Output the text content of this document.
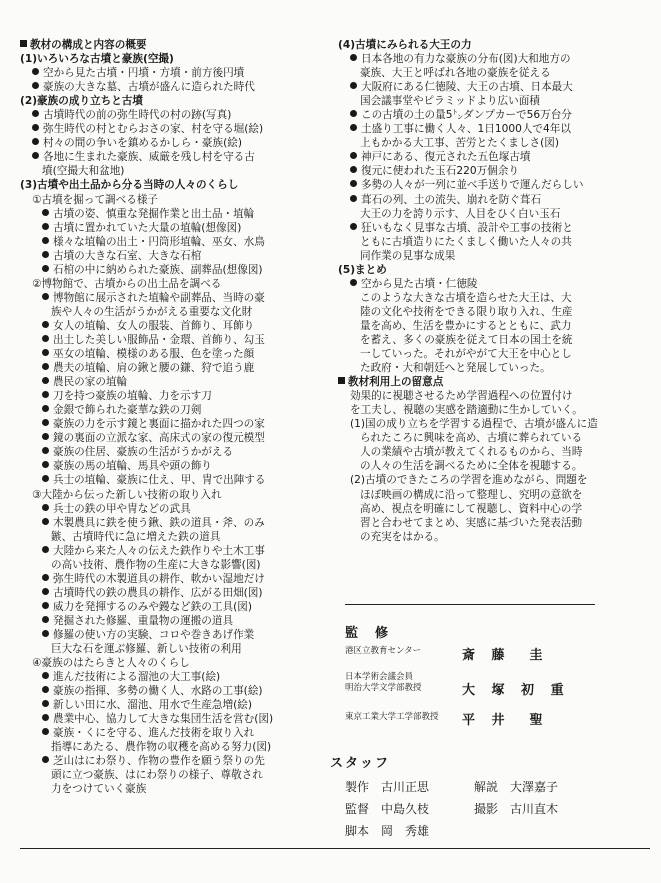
教材の構成と内容の概要
(1)いろいろな古墳と豪族(空撮)
空から見た古墳・円墳・方墳・前方後円墳
豪族の大きな墓、古墳が盛んに造られた時代
(2)豪族の成り立ちと古墳
古墳時代の前の弥生時代の村の跡(写真)
弥生時代の村とむらおさの家、村を守る堀(絵)
村々の間の争いを鎮めるかしら・豪族(絵)
各地に生まれた豪族、威厳を残し村を守る古
墳(空撮大和盆地)
(3)古墳や出土品から分る当時の人々のくらし
①古墳を掘って調べる様子
古墳の姿、慎重な発掘作業と出土品・埴輪
古墳に置かれていた大量の埴輪(想像図)
様々な埴輪の出土・円筒形埴輪、巫女、水鳥
古墳の大きな石室、大きな石棺
石棺の中に納められた豪族、副葬品(想像図)
②博物館で、古墳からの出土品を調べる
博物館に展示された埴輪や副葬品、当時の豪
族や人々の生活がうかがえる重要な文化財
女人の埴輪、女人の服装、首飾り、耳飾り
出土した美しい服飾品・金環、首飾り、勾玉
巫女の埴輪、模様のある服、色を塗った顔
農夫の埴輪、肩の鍬と腰の鎌、狩で追う鹿
農民の家の埴輪
刀を持つ豪族の埴輪、力を示す刀
金銀で飾られた豪華な鉄の刀剣
豪族の力を示す鏡と裏面に描かれた四つの家
鏡の裏面の立派な家、高床式の家の復元模型
豪族の住居、豪族の生活がうかがえる
豪族の馬の埴輪、馬具や頭の飾り
兵士の埴輪、豪族に仕え、甲、冑で出陣する
③大陸から伝った新しい技術の取り入れ
兵士の鉄の甲や冑などの武具
木製農具に鉄を使う鍬、鉄の道具・斧、のみ
鏃、古墳時代に急に増えた鉄の道具
大陸から来た人々の伝えた鉄作りや土木工事
の高い技術、農作物の生産に大きな影響(図)
弥生時代の木製道具の耕作、軟かい湿地だけ
古墳時代の鉄の農具の耕作、広がる田畑(図)
威力を発揮するのみや鏝など鉄の工具(図)
発掘された修羅、重量物の運搬の道具
修羅の使い方の実験、コロや巻きあげ作業
巨大な石を運ぶ修羅、新しい技術の利用
④豪族のはたらきと人々のくらし
進んだ技術による溜池の大工事(絵)
豪族の指揮、多勢の働く人、水路の工事(絵)
新しい田に水、溜池、用水で生産急増(絵)
農業中心、協力して大きな集団生活を営む(図)
豪族・くにを守る、進んだ技術を取り入れ
指導にあたる、農作物の収穫を高める努力(図)
芝山はにわ祭り、作物の豊作を願う祭りの先
頭に立つ豪族、はにわ祭りの様子、尊敬され
力をつけていく豪族
(4)古墳にみられる大王の力
日本各地の有力な豪族の分布(図)大和地方の
豪族、大王と呼ばれ各地の豪族を従える
大阪府にある仁徳陵、大王の古墳、日本最大
国会議事堂やピラミッドより広い面積
この古墳の土の量5㌧ダンプカーで56万台分
土盛り工事に働く人々、1日1000人で4年以
上もかかる大工事、苦労とたくましさ(図)
神戸にある、復元された五色塚古墳
復元に使われた玉石220万個余り
多勢の人々が一列に並べ手送りで運んだらしい
葺石の列、土の流失、崩れを防ぐ葺石
大王の力を誇り示す、人目をひく白い玉石
狂いもなく見事な古墳、設計や工事の技術と
ともに古墳造りにたくましく働いた人々の共
同作業の見事な成果
(5)まとめ
空から見た古墳・仁徳陵
このような大きな古墳を造らせた大王は、大
陸の文化や技術をできる限り取り入れ、生産
量を高め、生活を豊かにするとともに、武力
を蓄え、多くの豪族を従えて日本の国土を統
一していった。それがやがて大王を中心とし
た政府・大和朝廷へと発展していった。
教材利用上の留意点
効果的に視聴させるため学習過程への位置付け
を工夫し、視聴の実感を踏適動に生かしていく。
(1)国の成り立ちを学習する過程で、古墳が盛んに造
られたころに興味を高め、古墳に葬られている
人の業績や古墳が教えてくれるものから、当時
の人々の生活を調べるために全体を視聴する。
(2)古墳のできたころの学習を進めながら、問題を
ほぼ映画の構成に沿って整理し、究明の意欲を
高め、視点を明確にして視聴し、資料中心の学
習と合わせてまとめ、実感に基づいた発表活動
の充実をはかる。
監　修
港区立教育センター	斎 藤　圭
日本学術会議会員
明治大学文学部教授	大 塚 初 重
東京工業大学工学部教授	平 井　聖
スタッフ
製作　古川正思	解説　大澤嘉子
監督　中島久枝	撮影　古川直木
脚本　岡　秀雄
